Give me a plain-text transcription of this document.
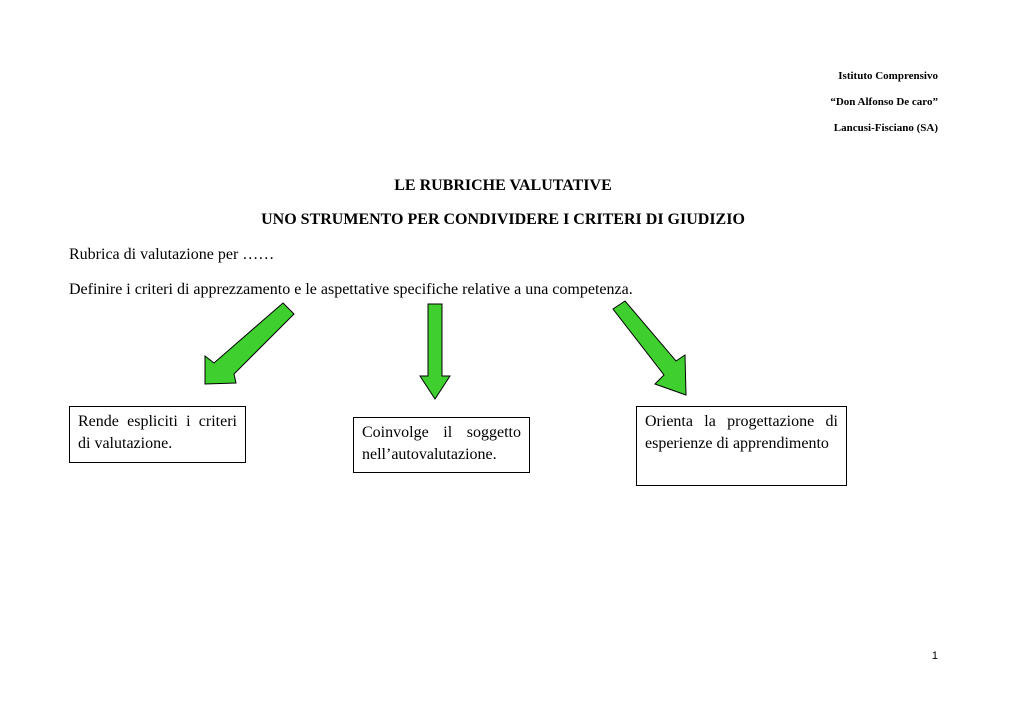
Istituto Comprensivo
“Don Alfonso De caro”
Lancusi-Fisciano (SA)
LE RUBRICHE VALUTATIVE
UNO STRUMENTO PER CONDIVIDERE I CRITERI DI GIUDIZIO
Rubrica di valutazione per ……
Definire i criteri di apprezzamento e le aspettative specifiche relative a una competenza.
Rende espliciti i criteri di valutazione.
Coinvolge il soggetto nell’autovalutazione.
Orienta la progettazione di esperienze di apprendimento
1
